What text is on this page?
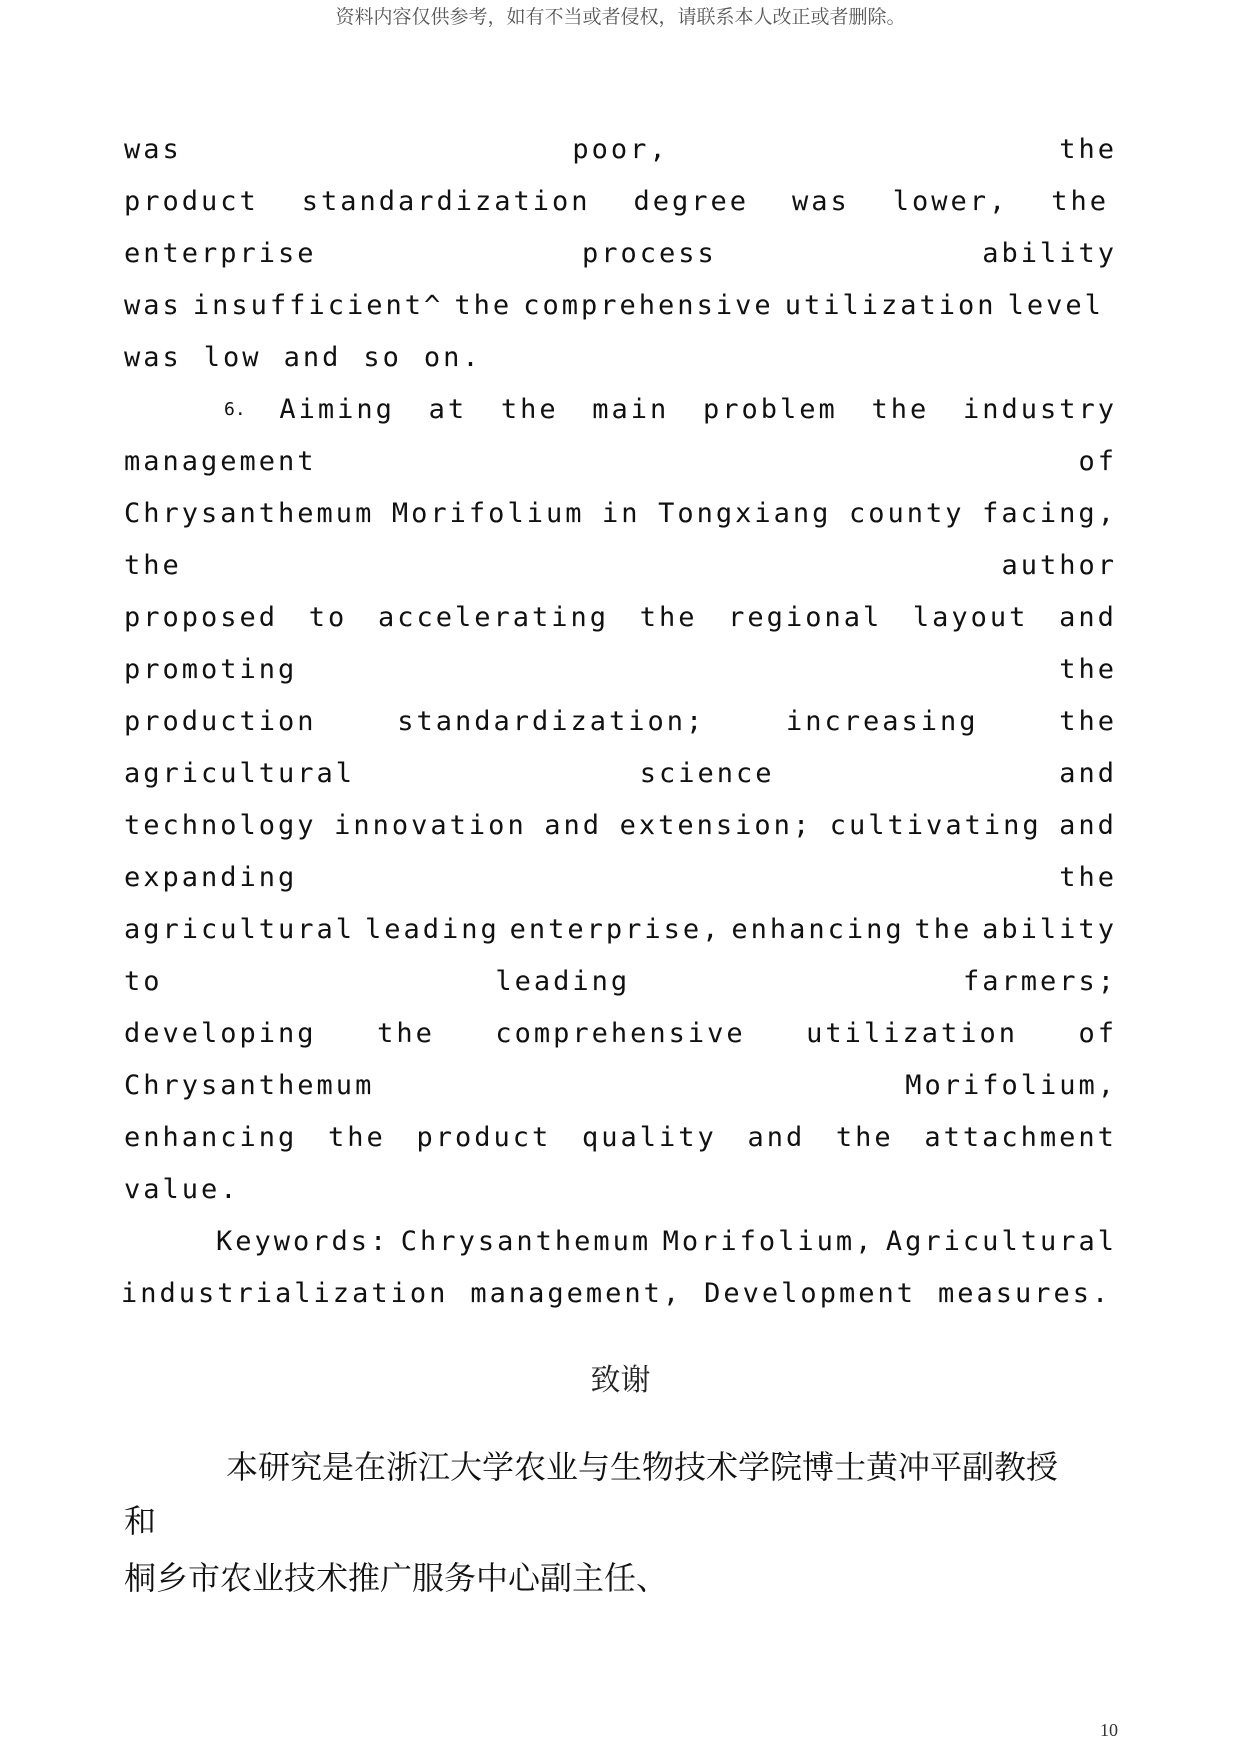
资料内容仅供参考，如有不当或者侵权，请联系本人改正或者删除。
was	poor,	the
product standardization degree was lower, the
enterprise	process	ability
was insufficient^ the comprehensive utilization level
was low and so on.
6. Aiming at the main problem the industry
management	of
Chrysanthemum Morifolium in Tongxiang county facing,
the	author
proposed to accelerating the regional layout and
promoting	the
production	standardization;	increasing	the
agricultural	science	and
technology innovation and extension; cultivating and
expanding	the
agricultural leading enterprise, enhancing the ability
to	leading	farmers;
developing the comprehensive utilization of
Chrysanthemum	Morifolium,
enhancing the product quality and the attachment
value.
Keywords: Chrysanthemum Morifolium, Agricultural
industrialization management, Development measures.
致谢
本研究是在浙江大学农业与生物技术学院博士黄冲平副教授
和
桐乡市农业技术推广服务中心副主任、
10
